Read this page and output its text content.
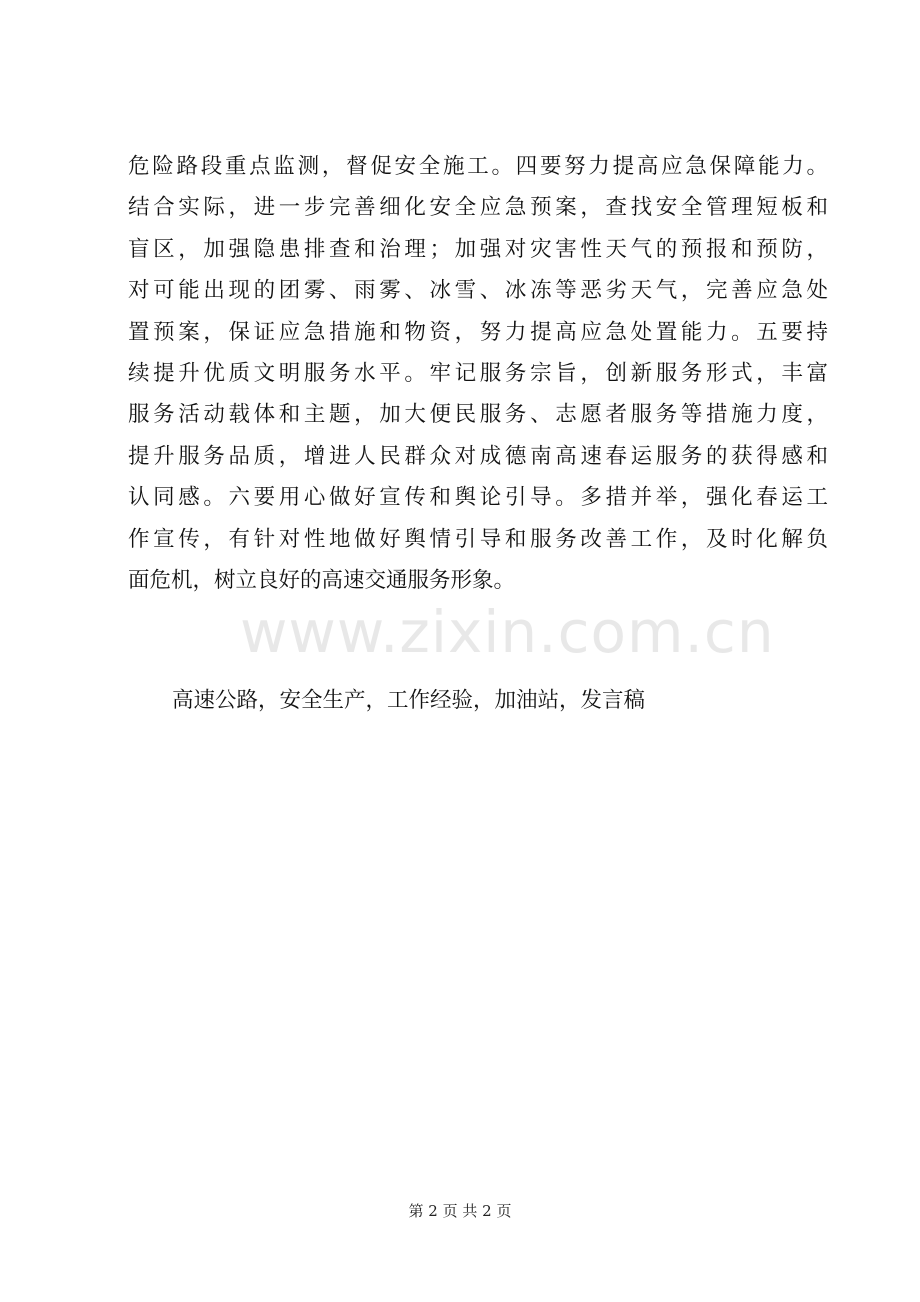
www.zixin.com.cn
危险路段重点监测，督促安全施工。四要努力提高应急保障能力。
结合实际，进一步完善细化安全应急预案，查找安全管理短板和
盲区，加强隐患排查和治理；加强对灾害性天气的预报和预防，
对可能出现的团雾、雨雾、冰雪、冰冻等恶劣天气，完善应急处
置预案，保证应急措施和物资，努力提高应急处置能力。五要持
续提升优质文明服务水平。牢记服务宗旨，创新服务形式，丰富
服务活动载体和主题，加大便民服务、志愿者服务等措施力度，
提升服务品质，增进人民群众对成德南高速春运服务的获得感和
认同感。六要用心做好宣传和舆论引导。多措并举，强化春运工
作宣传，有针对性地做好舆情引导和服务改善工作，及时化解负
面危机，树立良好的高速交通服务形象。
高速公路，安全生产，工作经验，加油站，发言稿
第 2 页 共 2 页
